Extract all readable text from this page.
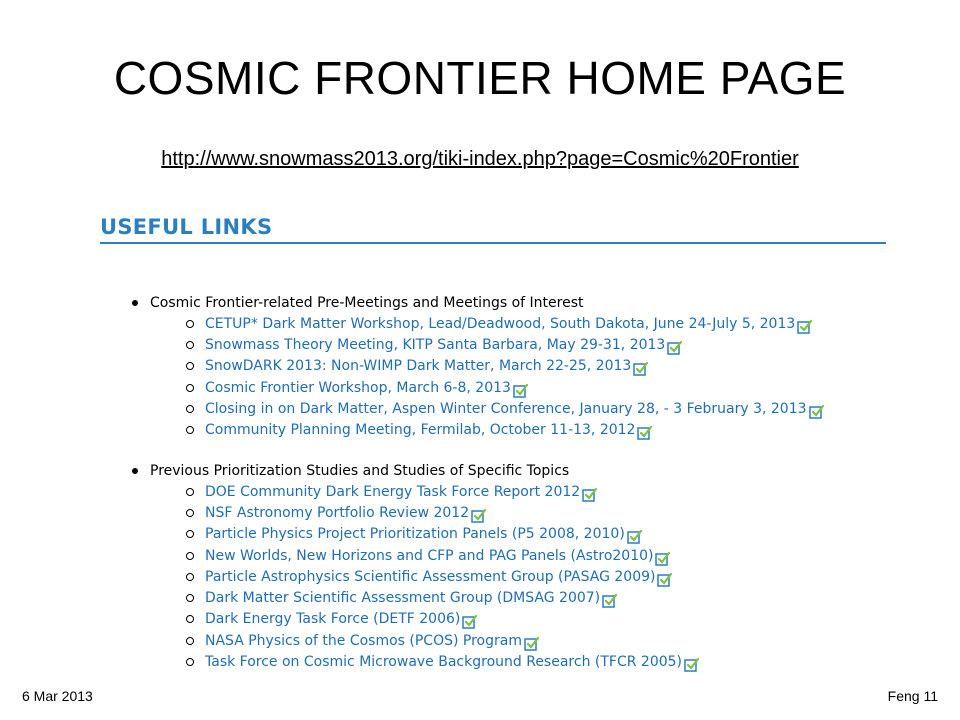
COSMIC FRONTIER HOME PAGE
http://www.snowmass2013.org/tiki-index.php?page=Cosmic%20Frontier
USEFUL LINKS
Cosmic Frontier-related Pre-Meetings and Meetings of Interest
CETUP* Dark Matter Workshop, Lead/Deadwood, South Dakota, June 24-July 5, 2013
Snowmass Theory Meeting, KITP Santa Barbara, May 29-31, 2013
SnowDARK 2013: Non-WIMP Dark Matter, March 22-25, 2013
Cosmic Frontier Workshop, March 6-8, 2013
Closing in on Dark Matter, Aspen Winter Conference, January 28, - 3 February 3, 2013
Community Planning Meeting, Fermilab, October 11-13, 2012
Previous Prioritization Studies and Studies of Specific Topics
DOE Community Dark Energy Task Force Report 2012
NSF Astronomy Portfolio Review 2012
Particle Physics Project Prioritization Panels (P5 2008, 2010)
New Worlds, New Horizons and CFP and PAG Panels (Astro2010)
Particle Astrophysics Scientific Assessment Group (PASAG 2009)
Dark Matter Scientific Assessment Group (DMSAG 2007)
Dark Energy Task Force (DETF 2006)
NASA Physics of the Cosmos (PCOS) Program
Task Force on Cosmic Microwave Background Research (TFCR 2005)
6 Mar 2013	Feng 11
